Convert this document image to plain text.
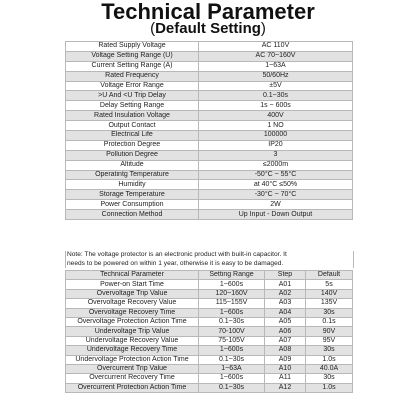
Technical Parameter
(Default Setting)
Rated Supply Voltage	AC 110V
Voltage Setting Range (U)	AC 70~160V
Current Setting Range (A)	1~63A
Rated Frequency	50/60Hz
Voltage Error Range	±5V
>U And <U Trip Delay	0.1~30s
Delay Setting Range	1s ~ 600s
Rated Insulation Voltage	400V
Output Contact	1 NO
Electrical Life	100000
Protection Degree	IP20
Pollution Degree	3
Altitude	≤2000m
Operatintg Temperature	-50°C ~ 55°C
Humidity	at 40°C ≤50%
Storage Temperature	-30°C ~ 70°C
Power Consumption	2W
Connection Method	Up Input - Down Output
Note: The voltage protector is an electronic product with built-in capacitor. It
needs to be powered on within 1 year, otherwise it is easy to be damaged.
Technical Parameter	Setting Range	Step	Default
Power-on Start Time	1~600s	A01	5s
Overvoltage Trip Value	120~160V	A02	140V
Overvoltage Recovery Value	115~155V	A03	135V
Overvoltage Recovery Time	1~600s	A04	30s
Overvoltage Protection Action Time	0.1~30s	A05	0.1s
Undervoltage Trip Value	70-100V	A06	90V
Undervoltage Recovery Value	75-105V	A07	95V
Undervoltage Recovery Time	1~600s	A08	30s
Undervoltage Protection Action Time	0.1~30s	A09	1.0s
Overcurrent Trip Value	1~63A	A10	40.0A
Overcurrent Recovery Time	1~600s	A11	30s
Overcurrent Protection Action Time	0.1~30s	A12	1.0s
